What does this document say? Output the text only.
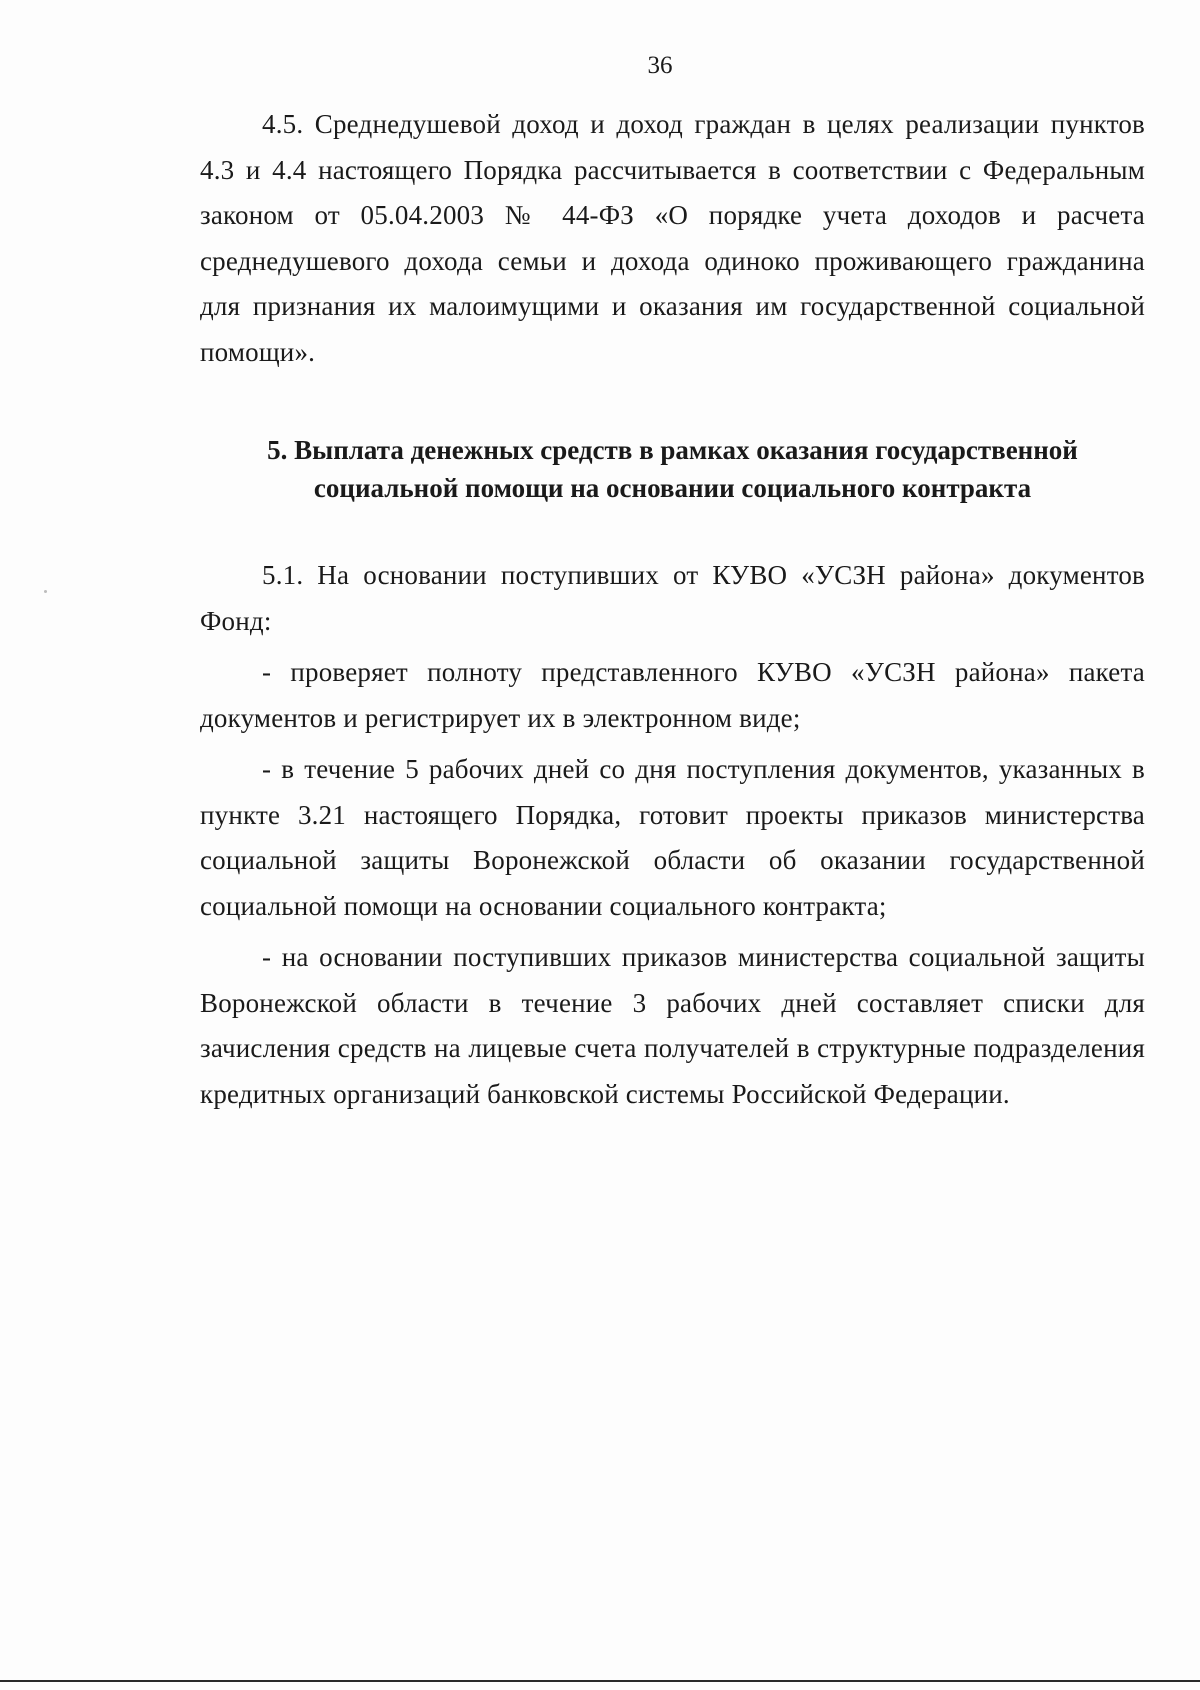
36

4.5. Среднедушевой доход и доход граждан в целях реализации пунктов 4.3 и 4.4 настоящего Порядка рассчитывается в соответствии с Федеральным законом от 05.04.2003 № 44-ФЗ «О порядке учета доходов и расчета среднедушевого дохода семьи и дохода одиноко проживающего гражданина для признания их малоимущими и оказания им государственной социальной помощи».

5. Выплата денежных средств в рамках оказания государственной
социальной помощи на основании социального контракта

5.1. На основании поступивших от КУВО «УСЗН района» документов Фонд:

- проверяет полноту представленного КУВО «УСЗН района» пакета документов и регистрирует их в электронном виде;

- в течение 5 рабочих дней со дня поступления документов, указанных в пункте 3.21 настоящего Порядка, готовит проекты приказов министерства социальной защиты Воронежской области об оказании государственной социальной помощи на основании социального контракта;

- на основании поступивших приказов министерства социальной защиты Воронежской области в течение 3 рабочих дней составляет списки для зачисления средств на лицевые счета получателей в структурные подразделения кредитных организаций банковской системы Российской Федерации.
